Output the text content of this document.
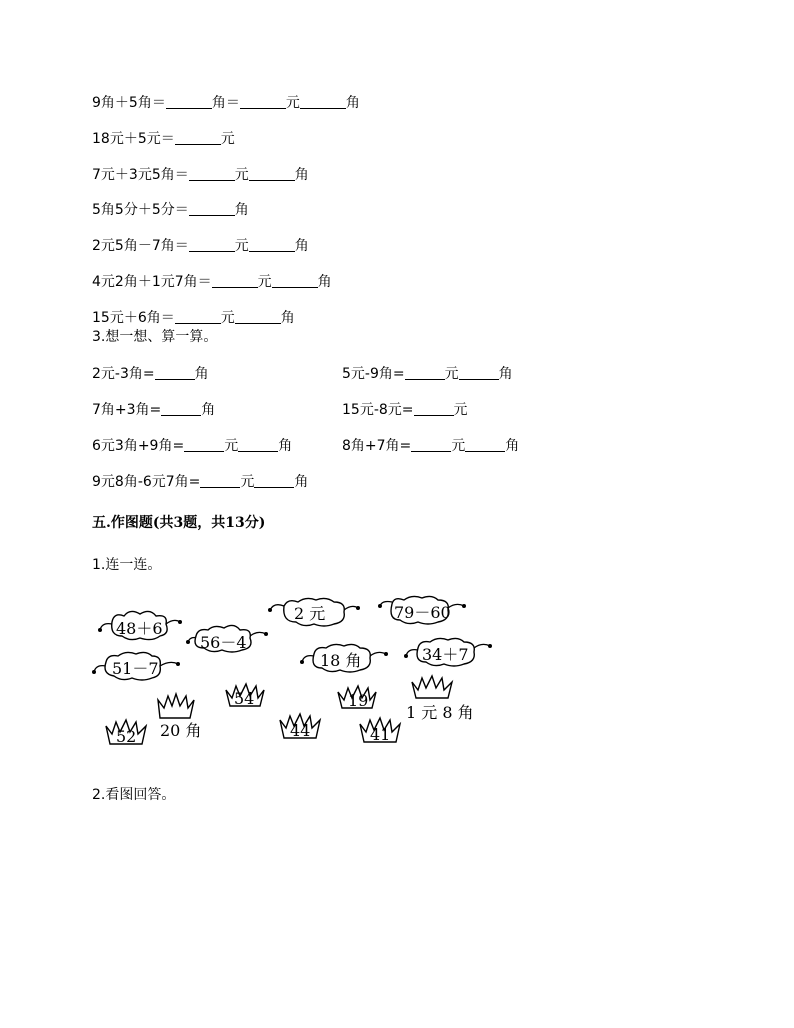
9角＋5角＝	角＝	元	角
18元＋5元＝	元
7元＋3元5角＝	元	角
5角5分＋5分＝	角
2元5角－7角＝	元	角
4元2角＋1元7角＝	元	角
15元＋6角＝	元	角
3.想一想、算一算。
2元-3角=	角	5元-9角=	元	角
7角+3角=	角	15元-8元=	元
6元3角+9角=	元	角	8角+7角=	元	角
9元8角-6元7角=	元	角
五.作图题(共3题，共13分)
1.连一连。
48＋6
56－4
51－7
2 元	79－60
18 角	34＋7
20 角
54	19
1 元 8 角
52	44	41
2.看图回答。
